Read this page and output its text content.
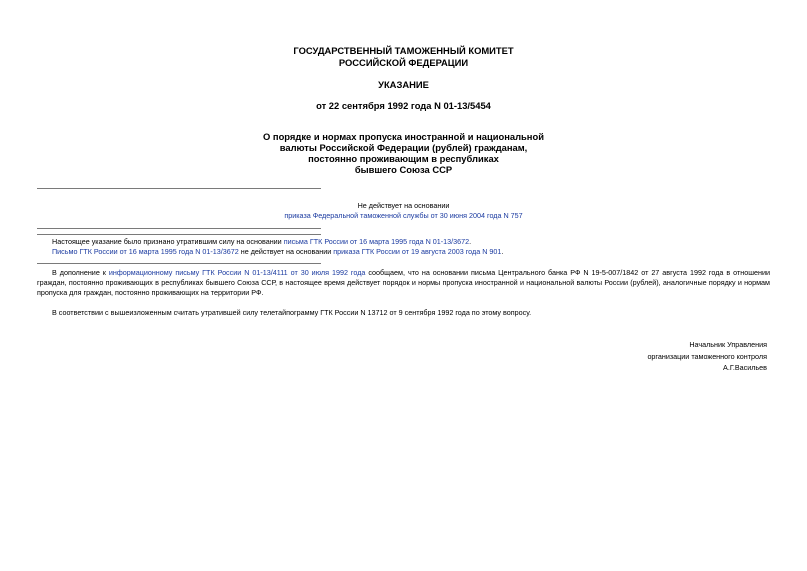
ГОСУДАРСТВЕННЫЙ ТАМОЖЕННЫЙ КОМИТЕТ
РОССИЙСКОЙ ФЕДЕРАЦИИ
УКАЗАНИЕ
от 22 сентября 1992 года N 01-13/5454
О порядке и нормах пропуска иностранной и национальной
валюты Российской Федерации (рублей) гражданам,
постоянно проживающим в республиках
бывшего Союза ССР
Не действует на основании
приказа Федеральной таможенной службы от 30 июня 2004 года N 757
Настоящее указание было признано утратившим силу на основании письма ГТК России от 16 марта 1995 года N 01-13/3672.
Письмо ГТК России от 16 марта 1995 года N 01-13/3672 не действует на основании приказа ГТК России от 19 августа 2003 года N 901.
В дополнение к информационному письму ГТК России N 01-13/4111 от 30 июля 1992 года сообщаем, что на основании письма Центрального банка РФ N 19-5-007/1842 от 27 августа 1992 года в отношении граждан, постоянно проживающих в республиках бывшего Союза ССР, в настоящее время действует порядок и нормы пропуска иностранной и национальной валюты России (рублей), аналогичные порядку и нормам пропуска для граждан, постоянно проживающих на территории РФ.
В соответствии с вышеизложенным считать утратившей силу телетайпограмму ГТК России N 13712 от 9 сентября 1992 года по этому вопросу.
Начальник Управления
организации таможенного контроля
А.Г.Васильев
